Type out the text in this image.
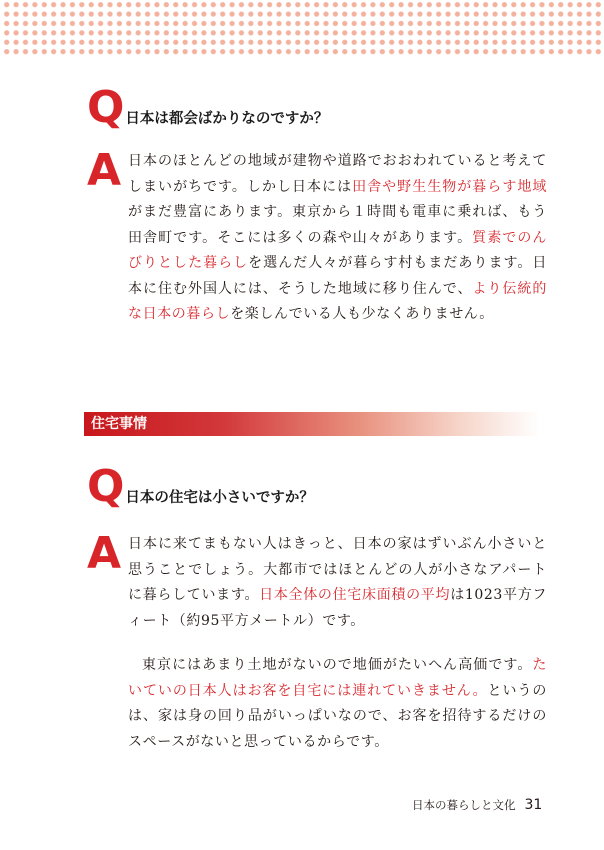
Q 日本は都会ばかりなのですか？
A 日本のほとんどの地域が建物や道路でおおわれていると考えてしまいがちです。しかし日本には田舎や野生生物が暮らす地域がまだ豊富にあります。東京から１時間も電車に乗れば、もう田舎町です。そこには多くの森や山々があります。質素でのんびりとした暮らしを選んだ人々が暮らす村もまだあります。日本に住む外国人には、そうした地域に移り住んで、より伝統的な日本の暮らしを楽しんでいる人も少なくありません。

住宅事情
Q 日本の住宅は小さいですか？
A 日本に来てまもない人はきっと、日本の家はずいぶん小さいと思うことでしょう。大都市ではほとんどの人が小さなアパートに暮らしています。日本全体の住宅床面積の平均は1023平方フィート（約95平方メートル）です。

東京にはあまり土地がないので地価がたいへん高価です。たいていの日本人はお客を自宅には連れていきません。というのは、家は身の回り品がいっぱいなので、お客を招待するだけのスペースがないと思っているからです。

日本の暮らしと文化 31
